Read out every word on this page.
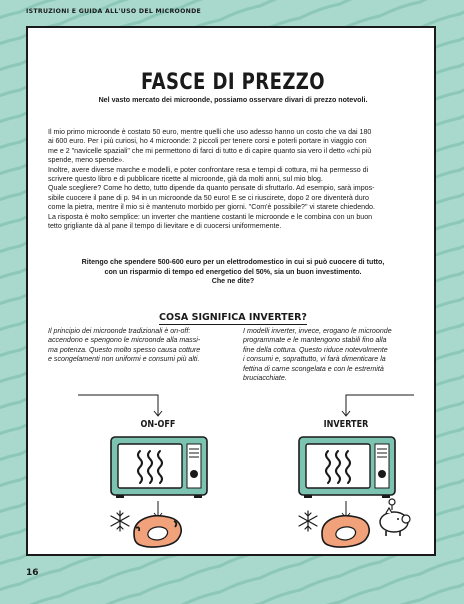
ISTRUZIONI E GUIDA ALL'USO DEL MICROONDE
FASCE DI PREZZO
Nel vasto mercato dei microonde, possiamo osservare divari di prezzo notevoli.

Il mio primo microonde è costato 50 euro, mentre quelli che uso adesso hanno un costo che va dai 180

ai 600 euro. Per i più curiosi, ho 4 microonde: 2 piccoli per tenere corsi e poterli portare in viaggio con

me e 2 "navicelle spaziali" che mi permettono di farci di tutto e di capire quanto sia vero il detto «chi più

spende, meno spende».

Inoltre, avere diverse marche e modelli, e poter confrontare resa e tempi di cottura, mi ha permesso di

scrivere questo libro e di pubblicare ricette al microonde, già da molti anni, sul mio blog.

Quale scegliere? Come ho detto, tutto dipende da quanto pensate di sfruttarlo. Ad esempio, sarà impos-

sibile cuocere il pane di p. 94 in un microonde da 50 euro! E se ci riuscirete, dopo 2 ore diventerà duro

come la pietra, mentre il mio si è mantenuto morbido per giorni. "Com'è possibile?" vi starete chiedendo.

La risposta è molto semplice: un inverter che mantiene costanti le microonde e le combina con un buon

tetto grigliante dà al pane il tempo di lievitare e di cuocersi uniformemente.

Ritengo che spendere 500-600 euro per un elettrodomestico in cui si può cuocere di tutto,

con un risparmio di tempo ed energetico del 50%, sia un buon investimento.

Che ne dite?

COSA SIGNIFICA INVERTER?
Il principio dei microonde tradizionali è on-off:
accendono e spengono le microonde alla massi-
ma potenza. Questo molto spesso causa cotture
e scongelamenti non uniformi e consumi più alti.
I modelli inverter, invece, erogano le microonde
programmate e le mantengono stabili fino alla
fine della cottura. Questo riduce notevolmente
i consumi e, soprattutto, vi farà dimenticare la
fettina di carne scongelata e con le estremità
bruciacchiate.
ON-OFF	INVERTER
16
